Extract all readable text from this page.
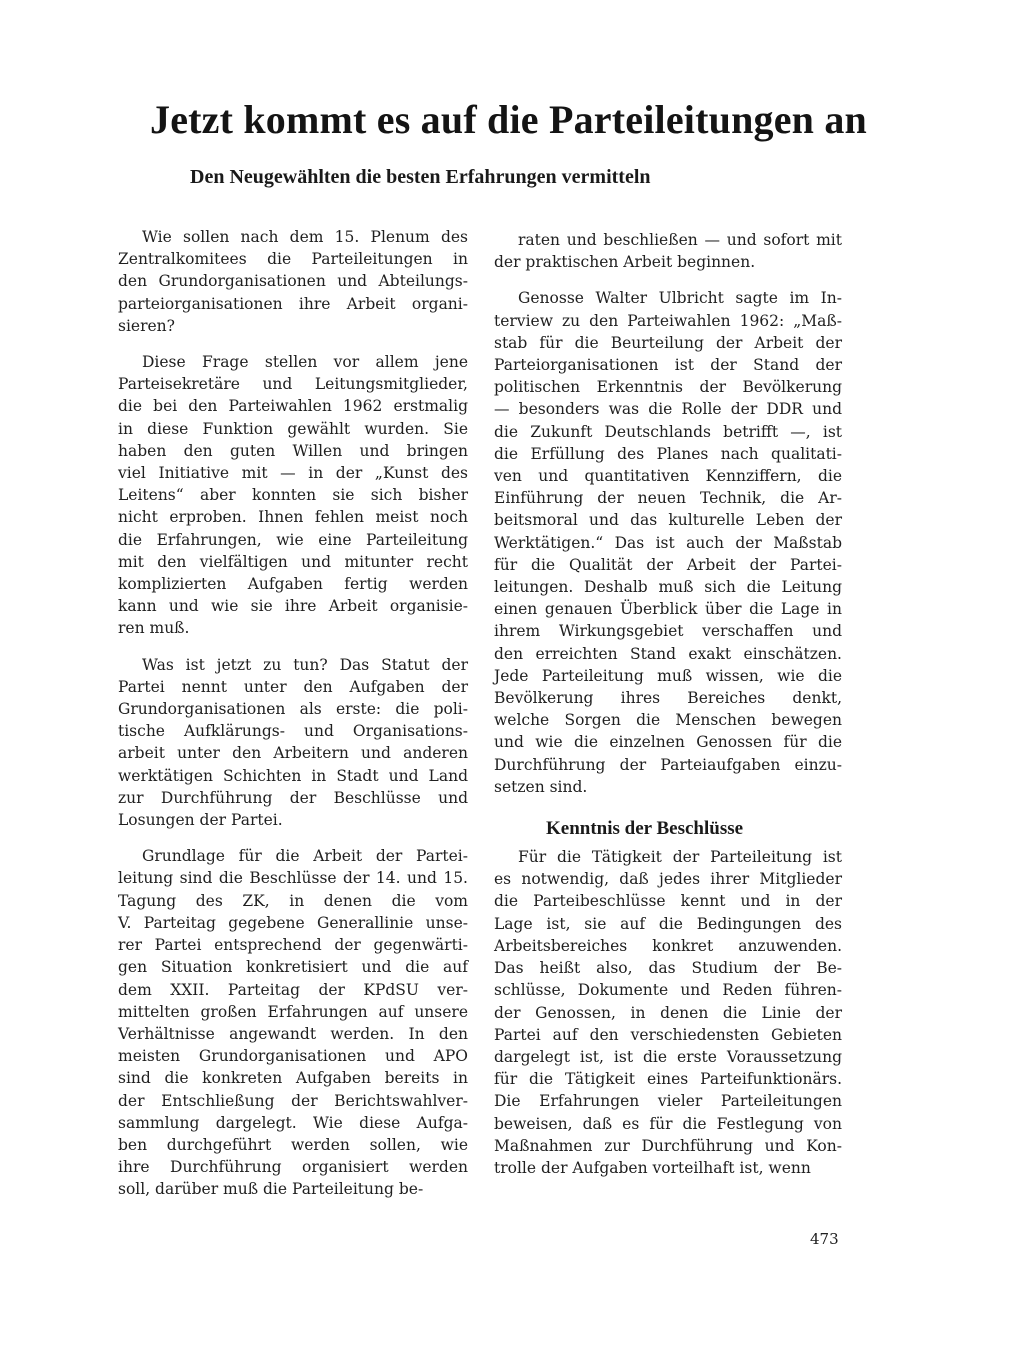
Jetzt kommt es auf die Parteileitungen an
Den Neugewählten die besten Erfahrungen vermitteln

Wie sollen nach dem 15. Plenum des
Zentralkomitees die Parteileitungen in
den Grundorganisationen und Abteilungs-
parteiorganisationen ihre Arbeit organi-
sieren?

Diese Frage stellen vor allem jene
Parteisekretäre und Leitungsmitglieder,
die bei den Parteiwahlen 1962 erstmalig
in diese Funktion gewählt wurden. Sie
haben den guten Willen und bringen
viel Initiative mit — in der „Kunst des
Leitens“ aber konnten sie sich bisher
nicht erproben. Ihnen fehlen meist noch
die Erfahrungen, wie eine Parteileitung
mit den vielfältigen und mitunter recht
komplizierten Aufgaben fertig werden
kann und wie sie ihre Arbeit organisie-
ren muß.

Was ist jetzt zu tun? Das Statut der
Partei nennt unter den Aufgaben der
Grundorganisationen als erste: die poli-
tische Aufklärungs- und Organisations-
arbeit unter den Arbeitern und anderen
werktätigen Schichten in Stadt und Land
zur Durchführung der Beschlüsse und
Losungen der Partei.

Grundlage für die Arbeit der Partei-
leitung sind die Beschlüsse der 14. und 15.
Tagung des ZK, in denen die vom
V. Parteitag gegebene Generallinie unse-
rer Partei entsprechend der gegenwärti-
gen Situation konkretisiert und die auf
dem XXII. Parteitag der KPdSU ver-
mittelten großen Erfahrungen auf unsere
Verhältnisse angewandt werden. In den
meisten Grundorganisationen und APO
sind die konkreten Aufgaben bereits in
der Entschließung der Berichtswahlver-
sammlung dargelegt. Wie diese Aufga-
ben durchgeführt werden sollen, wie
ihre Durchführung organisiert werden
soll, darüber muß die Parteileitung be-

raten und beschließen — und sofort mit
der praktischen Arbeit beginnen.

Genosse Walter Ulbricht sagte im In-
terview zu den Parteiwahlen 1962: „Maß-
stab für die Beurteilung der Arbeit der
Parteiorganisationen ist der Stand der
politischen Erkenntnis der Bevölkerung
— besonders was die Rolle der DDR und
die Zukunft Deutschlands betrifft —, ist
die Erfüllung des Planes nach qualitati-
ven und quantitativen Kennziffern, die
Einführung der neuen Technik, die Ar-
beitsmoral und das kulturelle Leben der
Werktätigen.“ Das ist auch der Maßstab
für die Qualität der Arbeit der Partei-
leitungen. Deshalb muß sich die Leitung
einen genauen Überblick über die Lage in
ihrem Wirkungsgebiet verschaffen und
den erreichten Stand exakt einschätzen.
Jede Parteileitung muß wissen, wie die
Bevölkerung ihres Bereiches denkt,
welche Sorgen die Menschen bewegen
und wie die einzelnen Genossen für die
Durchführung der Parteiaufgaben einzu-
setzen sind.

Kenntnis der Beschlüsse

Für die Tätigkeit der Parteileitung ist
es notwendig, daß jedes ihrer Mitglieder
die Parteibeschlüsse kennt und in der
Lage ist, sie auf die Bedingungen des
Arbeitsbereiches konkret anzuwenden.
Das heißt also, das Studium der Be-
schlüsse, Dokumente und Reden führen-
der Genossen, in denen die Linie der
Partei auf den verschiedensten Gebieten
dargelegt ist, ist die erste Voraussetzung
für die Tätigkeit eines Parteifunktionärs.
Die Erfahrungen vieler Parteileitungen
beweisen, daß es für die Festlegung von
Maßnahmen zur Durchführung und Kon-
trolle der Aufgaben vorteilhaft ist, wenn

473
